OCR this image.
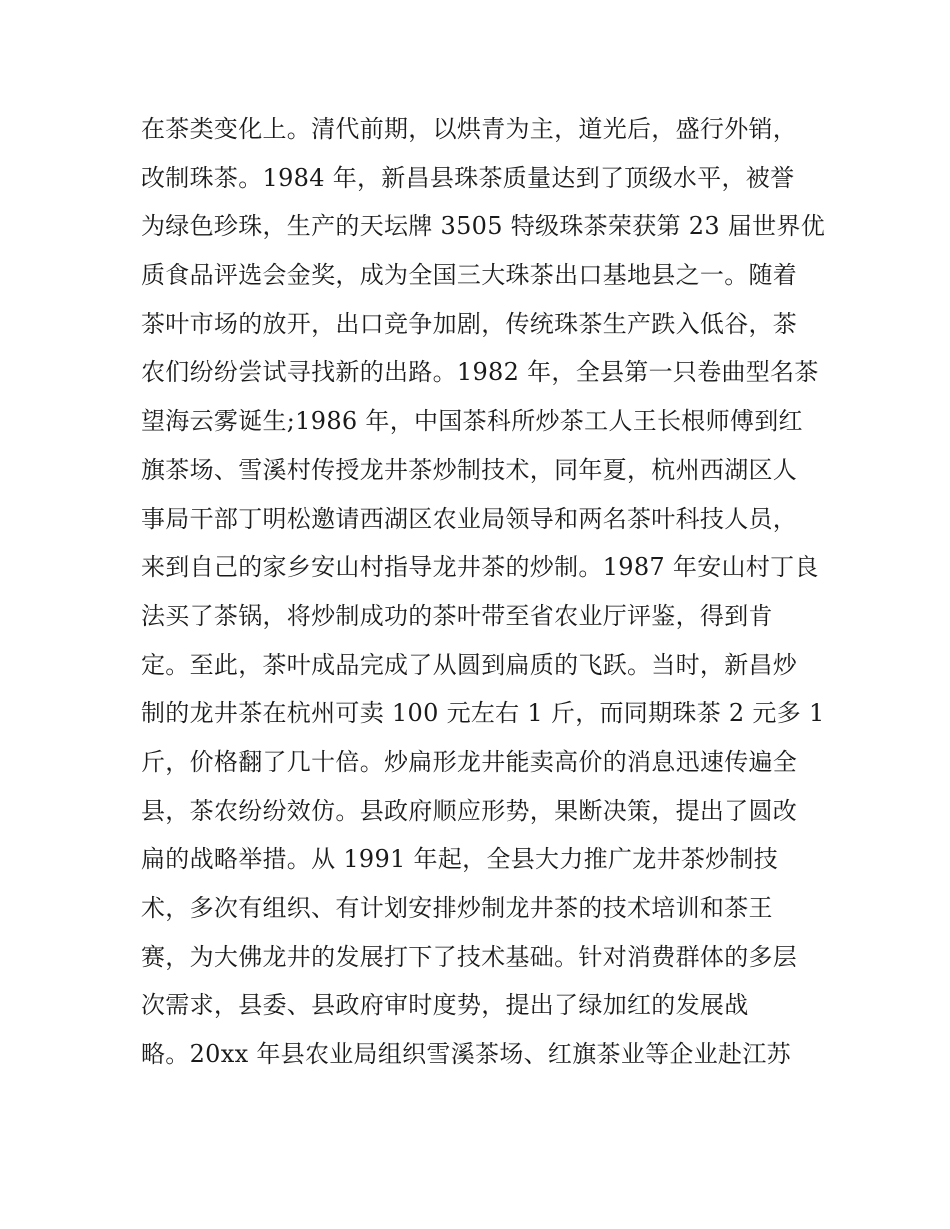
在茶类变化上。清代前期，以烘青为主，道光后，盛行外销，
改制珠茶。1984 年，新昌县珠茶质量达到了顶级水平，被誉
为绿色珍珠，生产的天坛牌 3505 特级珠茶荣获第 23 届世界优
质食品评选会金奖，成为全国三大珠茶出口基地县之一。随着
茶叶市场的放开，出口竞争加剧，传统珠茶生产跌入低谷，茶
农们纷纷尝试寻找新的出路。1982 年，全县第一只卷曲型名茶
望海云雾诞生;1986 年，中国茶科所炒茶工人王长根师傅到红
旗茶场、雪溪村传授龙井茶炒制技术，同年夏，杭州西湖区人
事局干部丁明松邀请西湖区农业局领导和两名茶叶科技人员，
来到自己的家乡安山村指导龙井茶的炒制。1987 年安山村丁良
法买了茶锅，将炒制成功的茶叶带至省农业厅评鉴，得到肯
定。至此，茶叶成品完成了从圆到扁质的飞跃。当时，新昌炒
制的龙井茶在杭州可卖 100 元左右 1 斤，而同期珠茶 2 元多 1
斤，价格翻了几十倍。炒扁形龙井能卖高价的消息迅速传遍全
县，茶农纷纷效仿。县政府顺应形势，果断决策，提出了圆改
扁的战略举措。从 1991 年起，全县大力推广龙井茶炒制技
术，多次有组织、有计划安排炒制龙井茶的技术培训和茶王
赛，为大佛龙井的发展打下了技术基础。针对消费群体的多层
次需求，县委、县政府审时度势，提出了绿加红的发展战
略。20xx 年县农业局组织雪溪茶场、红旗茶业等企业赴江苏
